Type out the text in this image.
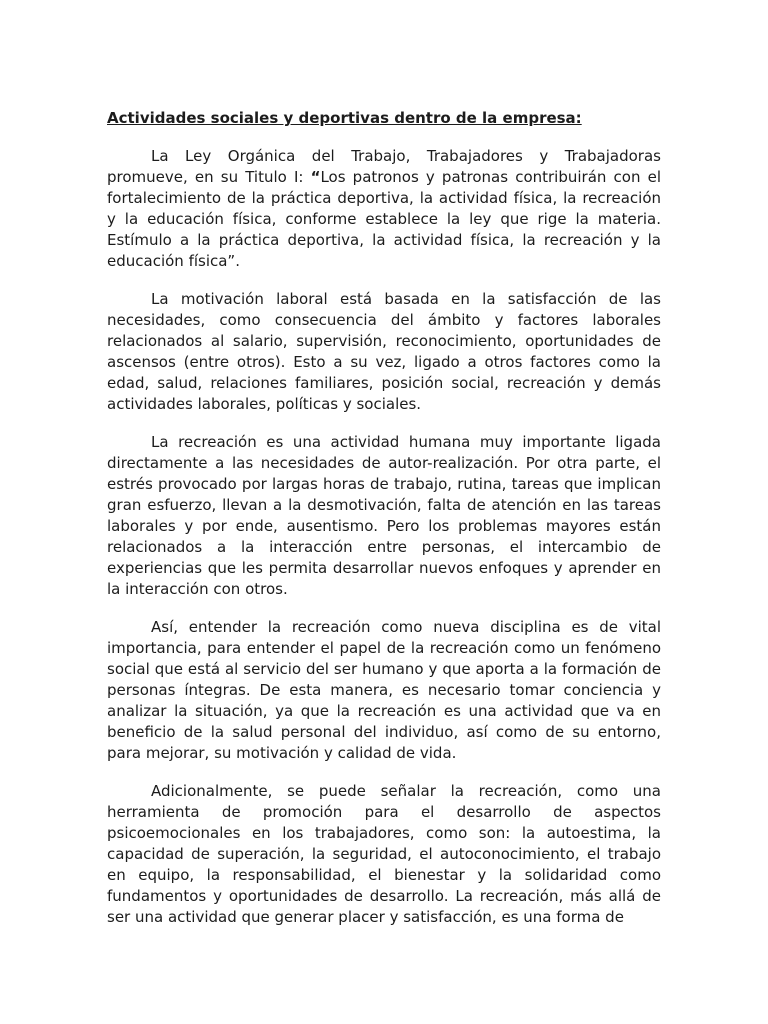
Actividades sociales y deportivas dentro de la empresa:

La Ley Orgánica del Trabajo, Trabajadores y Trabajadoras promueve, en su Titulo I: “Los patronos y patronas contribuirán con el fortalecimiento de la práctica deportiva, la actividad física, la recreación y la educación física, conforme establece la ley que rige la materia. Estímulo a la práctica deportiva, la actividad física, la recreación y la educación física”.

La motivación laboral está basada en la satisfacción de las necesidades, como consecuencia del ámbito y factores laborales relacionados al salario, supervisión, reconocimiento, oportunidades de ascensos (entre otros). Esto a su vez, ligado a otros factores como la edad, salud, relaciones familiares, posición social, recreación y demás actividades laborales, políticas y sociales.

La recreación es una actividad humana muy importante ligada directamente a las necesidades de autor-realización. Por otra parte, el estrés provocado por largas horas de trabajo, rutina, tareas que implican gran esfuerzo, llevan a la desmotivación, falta de atención en las tareas laborales y por ende, ausentismo. Pero los problemas mayores están relacionados a la interacción entre personas, el intercambio de experiencias que les permita desarrollar nuevos enfoques y aprender en la interacción con otros.

Así, entender la recreación como nueva disciplina es de vital importancia, para entender el papel de la recreación como un fenómeno social que está al servicio del ser humano y que aporta a la formación de personas íntegras. De esta manera, es necesario tomar conciencia y analizar la situación, ya que la recreación es una actividad que va en beneficio de la salud personal del individuo, así como de su entorno, para mejorar, su motivación y calidad de vida.

Adicionalmente, se puede señalar la recreación, como una herramienta de promoción para el desarrollo de aspectos psicoemocionales en los trabajadores, como son: la autoestima, la capacidad de superación, la seguridad, el autoconocimiento, el trabajo en equipo, la responsabilidad, el bienestar y la solidaridad como fundamentos y oportunidades de desarrollo. La recreación, más allá de ser una actividad que generar placer y satisfacción, es una forma de
